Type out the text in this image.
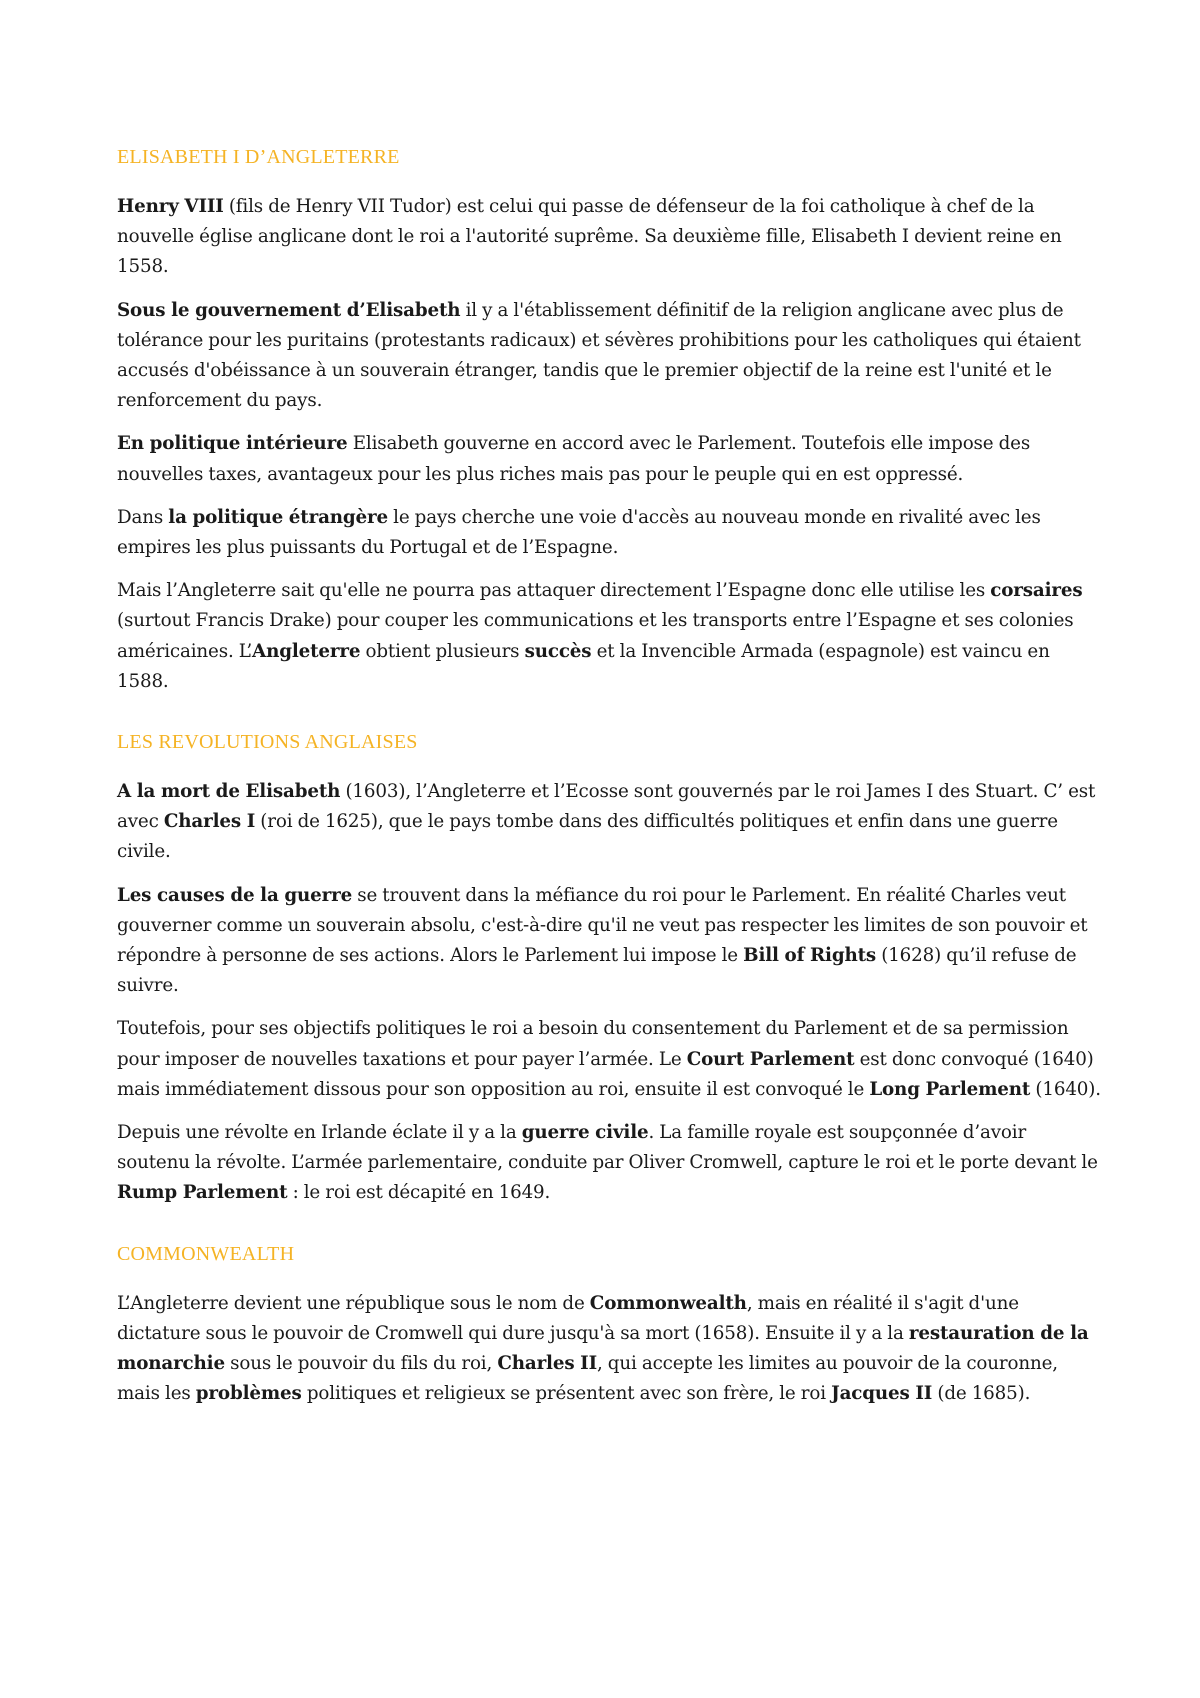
ELISABETH I D’ANGLETERRE

Henry VIII (fils de Henry VII Tudor) est celui qui passe de défenseur de la foi catholique à chef de la nouvelle église anglicane dont le roi a l'autorité suprême. Sa deuxième fille, Elisabeth I devient reine en 1558.

Sous le gouvernement d’Elisabeth il y a l'établissement définitif de la religion anglicane avec plus de tolérance pour les puritains (protestants radicaux) et sévères prohibitions pour les catholiques qui étaient accusés d'obéissance à un souverain étranger, tandis que le premier objectif de la reine est l'unité et le renforcement du pays.

En politique intérieure Elisabeth gouverne en accord avec le Parlement. Toutefois elle impose des nouvelles taxes, avantageux pour les plus riches mais pas pour le peuple qui en est oppressé.

Dans la politique étrangère le pays cherche une voie d'accès au nouveau monde en rivalité avec les empires les plus puissants du Portugal et de l’Espagne.

Mais l’Angleterre sait qu'elle ne pourra pas attaquer directement l’Espagne donc elle utilise les corsaires (surtout Francis Drake) pour couper les communications et les transports entre l’Espagne et ses colonies américaines. L’Angleterre obtient plusieurs succès et la Invencible Armada (espagnole) est vaincu en 1588.

LES REVOLUTIONS ANGLAISES

A la mort de Elisabeth (1603), l’Angleterre et l’Ecosse sont gouvernés par le roi James I des Stuart. C’ est avec Charles I (roi de 1625), que le pays tombe dans des difficultés politiques et enfin dans une guerre civile.

Les causes de la guerre se trouvent dans la méfiance du roi pour le Parlement. En réalité Charles veut gouverner comme un souverain absolu, c'est-à-dire qu'il ne veut pas respecter les limites de son pouvoir et répondre à personne de ses actions. Alors le Parlement lui impose le Bill of Rights (1628) qu’il refuse de suivre.

Toutefois, pour ses objectifs politiques le roi a besoin du consentement du Parlement et de sa permission pour imposer de nouvelles taxations et pour payer l’armée. Le Court Parlement est donc convoqué (1640) mais immédiatement dissous pour son opposition au roi, ensuite il est convoqué le Long Parlement (1640).

Depuis une révolte en Irlande éclate il y a la guerre civile. La famille royale est soupçonnée d’avoir soutenu la révolte. L’armée parlementaire, conduite par Oliver Cromwell, capture le roi et le porte devant le Rump Parlement : le roi est décapité en 1649.

COMMONWEALTH

L’Angleterre devient une république sous le nom de Commonwealth, mais en réalité il s'agit d'une dictature sous le pouvoir de Cromwell qui dure jusqu'à sa mort (1658). Ensuite il y a la restauration de la monarchie sous le pouvoir du fils du roi, Charles II, qui accepte les limites au pouvoir de la couronne, mais les problèmes politiques et religieux se présentent avec son frère, le roi Jacques II (de 1685).
